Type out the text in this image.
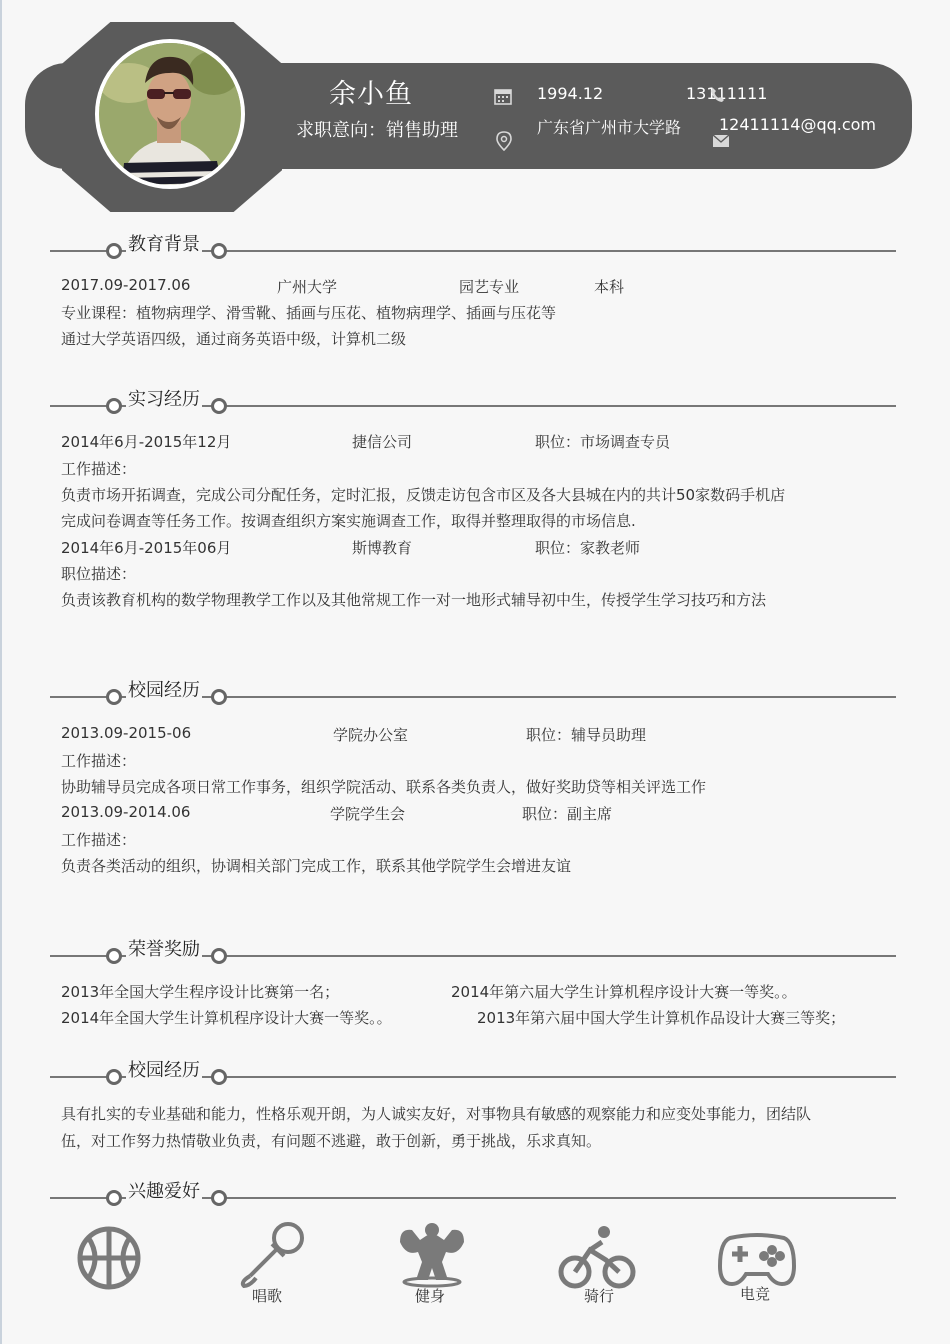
余小鱼
求职意向：销售助理
1994.12	13111111
广东省广州市大学路 12411114@qq.com
教育背景
2017.09-2017.06	广州大学	园艺专业	本科
专业课程：植物病理学、滑雪靴、插画与压花、植物病理学、插画与压花等
通过大学英语四级，通过商务英语中级，计算机二级
实习经历
2014年6月-2015年12月	捷信公司	职位：市场调查专员
工作描述：
负责市场开拓调查，完成公司分配任务，定时汇报，反馈走访包含市区及各大县城在内的共计50家数码手机店
完成问卷调查等任务工作。按调查组织方案实施调查工作，取得并整理取得的市场信息.
2014年6月-2015年06月	斯博教育	职位：家教老师
职位描述：
负责该教育机构的数学物理教学工作以及其他常规工作一对一地形式辅导初中生，传授学生学习技巧和方法
校园经历
2013.09-2015-06	学院办公室	职位：辅导员助理
工作描述：
协助辅导员完成各项日常工作事务，组织学院活动、联系各类负责人，做好奖助贷等相关评选工作
2013.09-2014.06	学院学生会	职位：副主席
工作描述：
负责各类活动的组织，协调相关部门完成工作，联系其他学院学生会增进友谊
荣誉奖励
2013年全国大学生程序设计比赛第一名；	2014年第六届大学生计算机程序设计大赛一等奖。。
2014年全国大学生计算机程序设计大赛一等奖。。	2013年第六届中国大学生计算机作品设计大赛三等奖；
校园经历
具有扎实的专业基础和能力，性格乐观开朗，为人诚实友好，对事物具有敏感的观察能力和应变处事能力，团结队
伍，对工作努力热情敬业负责，有问题不逃避，敢于创新，勇于挑战，乐求真知。
兴趣爱好
唱歌	健身	骑行	电竞
